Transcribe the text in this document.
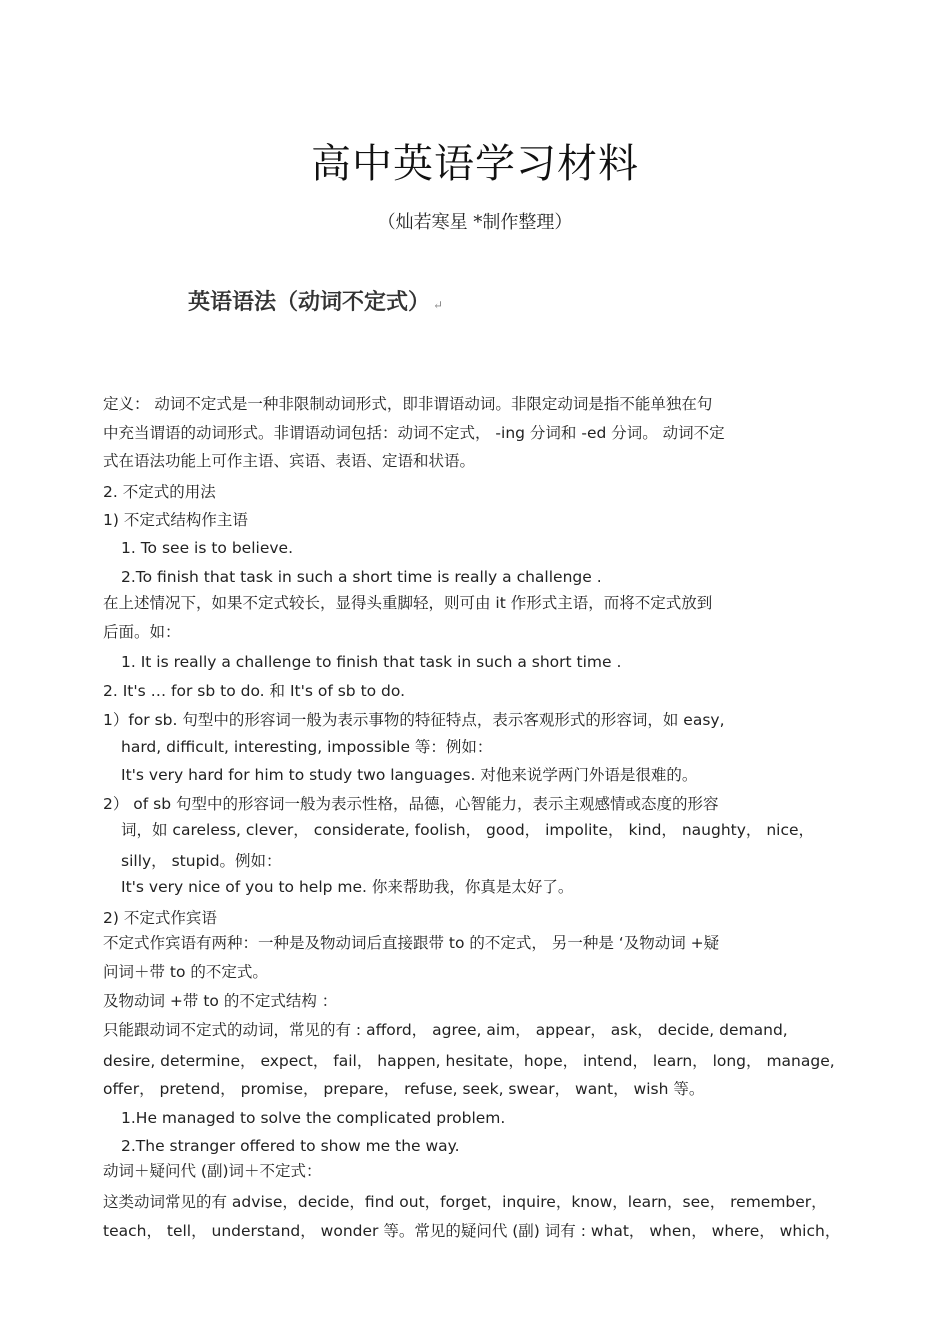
高中英语学习材料
（灿若寒星 *制作整理）
英语语法（动词不定式） ↵
定义： 动词不定式是一种非限制动词形式，即非谓语动词。非限定动词是指不能单独在句
中充当谓语的动词形式。非谓语动词包括：动词不定式， -ing 分词和 -ed 分词。 动词不定
式在语法功能上可作主语、宾语、表语、定语和状语。
2. 不定式的用法
1) 不定式结构作主语
1. To see is to believe.
2.To finish that task in such a short time is really a challenge .
在上述情况下，如果不定式较长，显得头重脚轻，则可由 it 作形式主语，而将不定式放到
后面。如：
1. It is really a challenge to finish that task in such a short time .
2. It's … for sb to do. 和 It's of sb to do.
1）for sb. 句型中的形容词一般为表示事物的特征特点，表示客观形式的形容词，如 easy,
hard, difficult, interesting, impossible 等：例如：
It's very hard for him to study two languages. 对他来说学两门外语是很难的。
2） of sb 句型中的形容词一般为表示性格，品德，心智能力，表示主观感情或态度的形容
词，如 careless, clever， considerate, foolish， good， impolite， kind， naughty， nice，
silly， stupid。例如：
It's very nice of you to help me. 你来帮助我，你真是太好了。
2) 不定式作宾语
不定式作宾语有两种：一种是及物动词后直接跟带 to 的不定式， 另一种是 ‘及物动词 +疑
问词＋带 to 的不定式。
及物动词 +带 to 的不定式结构 ：
只能跟动词不定式的动词，常见的有 : afford， agree, aim， appear， ask， decide, demand,
desire, determine， expect， fail， happen, hesitate，hope， intend， learn， long， manage,
offer， pretend， promise， prepare， refuse, seek, swear， want， wish 等。
1.He managed to solve the complicated problem.
2.The stranger offered to show me the way.
动词＋疑问代 (副)词＋不定式：
这类动词常见的有 advise，decide，find out，forget，inquire，know，learn，see， remember，
teach， tell， understand， wonder 等。常见的疑问代 (副) 词有 : what， when， where， which，
